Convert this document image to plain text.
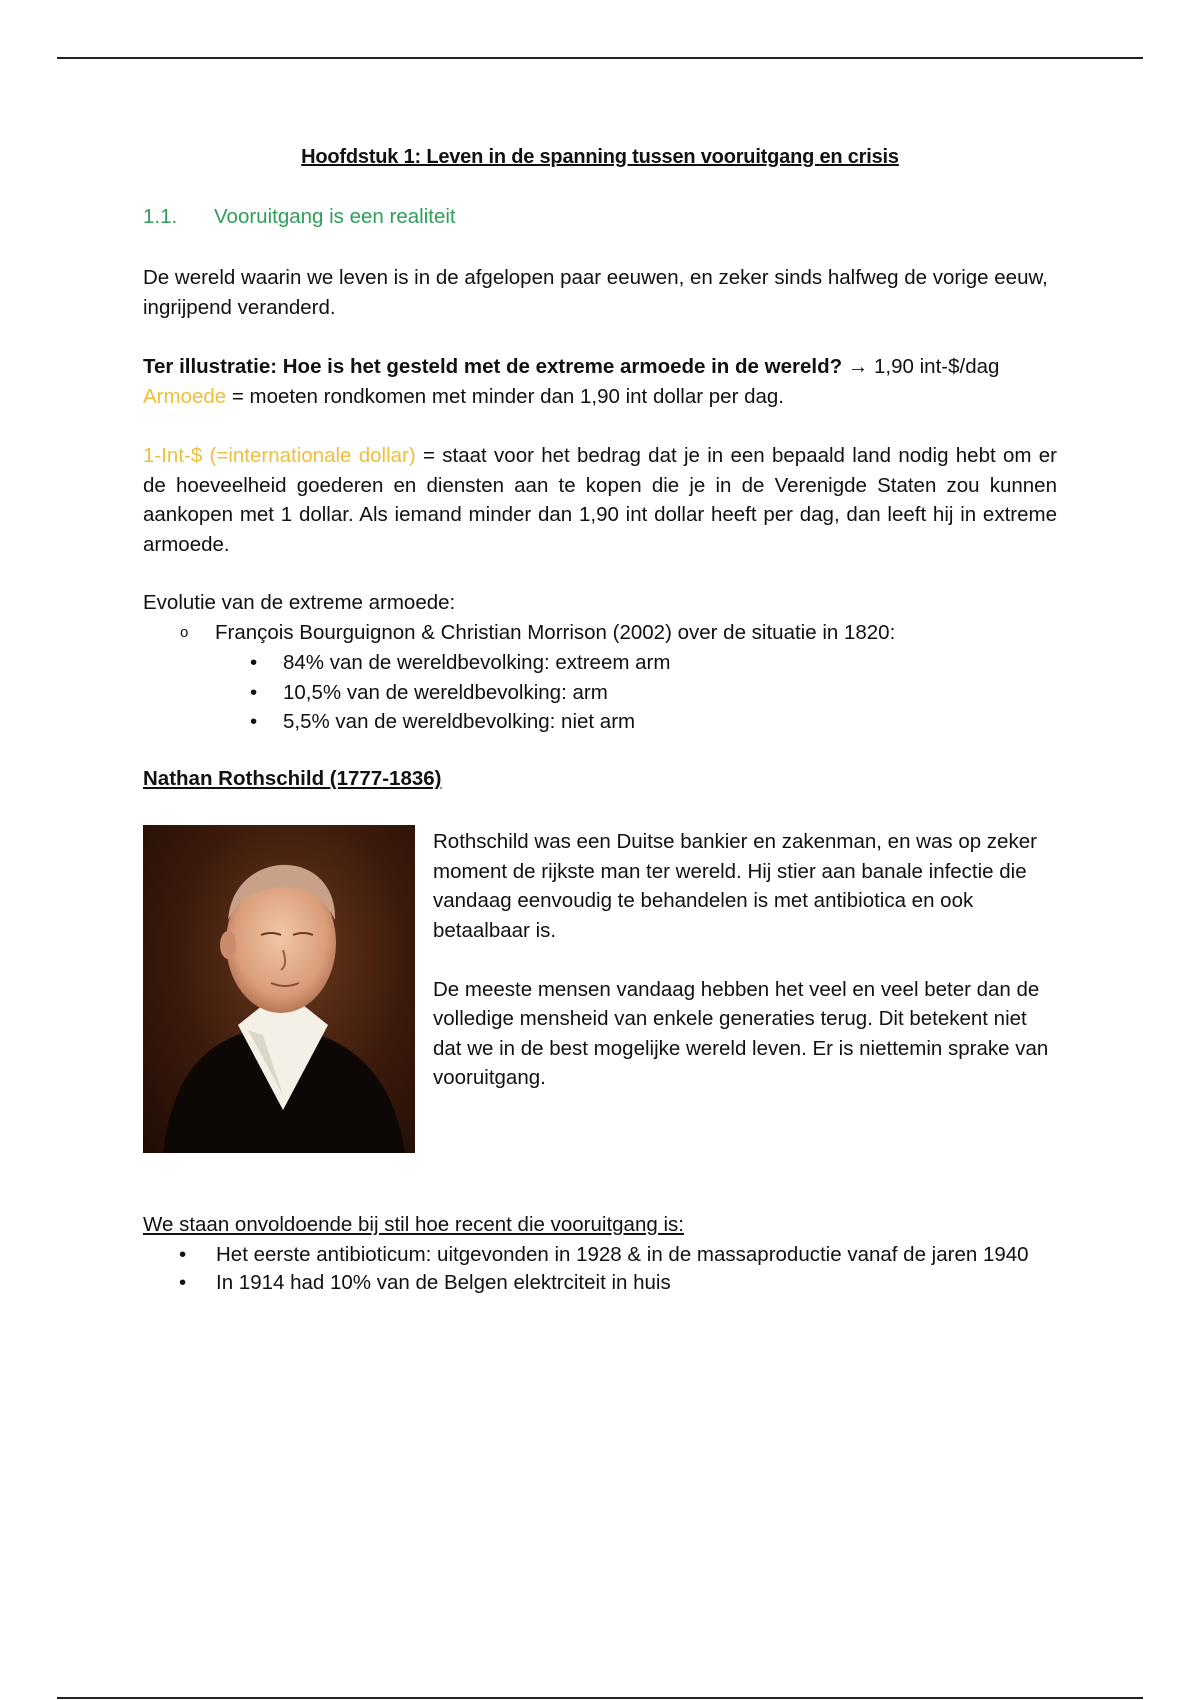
Hoofdstuk 1: Leven in de spanning tussen vooruitgang en crisis
1.1. Vooruitgang is een realiteit
De wereld waarin we leven is in de afgelopen paar eeuwen, en zeker sinds halfweg de vorige eeuw, ingrijpend veranderd.
Ter illustratie: Hoe is het gesteld met de extreme armoede in de wereld? → 1,90 int-$/dag
Armoede = moeten rondkomen met minder dan 1,90 int dollar per dag.
1-Int-$ (=internationale dollar) = staat voor het bedrag dat je in een bepaald land nodig hebt om er de hoeveelheid goederen en diensten aan te kopen die je in de Verenigde Staten zou kunnen aankopen met 1 dollar. Als iemand minder dan 1,90 int dollar heeft per dag, dan leeft hij in extreme armoede.
Evolutie van de extreme armoede:
o François Bourguignon & Christian Morrison (2002) over de situatie in 1820:
• 84% van de wereldbevolking: extreem arm
• 10,5% van de wereldbevolking: arm
• 5,5% van de wereldbevolking: niet arm
Nathan Rothschild (1777-1836)

Rothschild was een Duitse bankier en zakenman, en was op zeker moment de rijkste man ter wereld. Hij stier aan banale infectie die vandaag eenvoudig te behandelen is met antibiotica en ook betaalbaar is.

De meeste mensen vandaag hebben het veel en veel beter dan de volledige mensheid van enkele generaties terug. Dit betekent niet dat we in de best mogelijke wereld leven. Er is niettemin sprake van vooruitgang.

We staan onvoldoende bij stil hoe recent die vooruitgang is:
• Het eerste antibioticum: uitgevonden in 1928 & in de massaproductie vanaf de jaren 1940
• In 1914 had 10% van de Belgen elektrciteit in huis
